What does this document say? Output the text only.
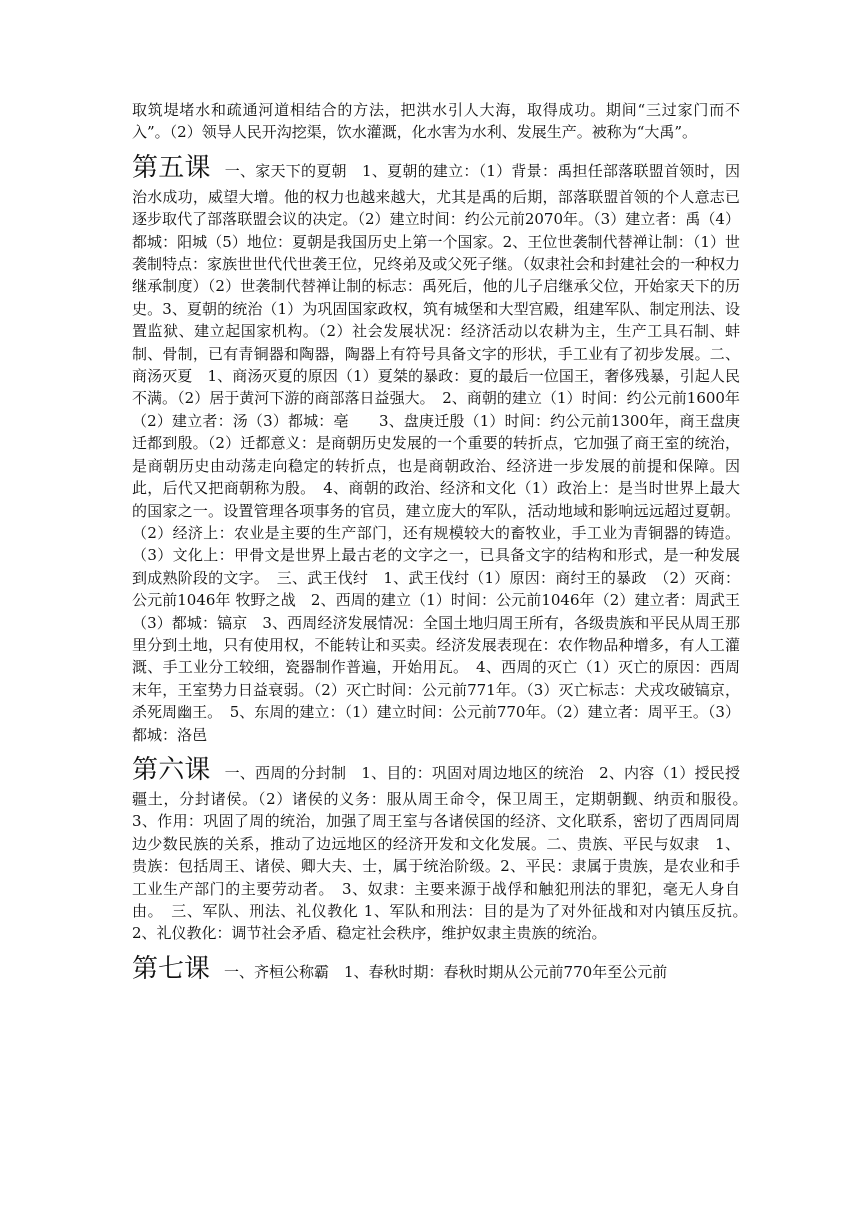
取筑堤堵水和疏通河道相结合的方法，把洪水引人大海，取得成功。期间“三过家门而不入”。（2）领导人民开沟挖渠，饮水灌溉，化水害为水利、发展生产。被称为“大禹”。

第五课 一、家天下的夏朝　1、夏朝的建立：（1）背景：禹担任部落联盟首领时，因治水成功，威望大增。他的权力也越来越大，尤其是禹的后期，部落联盟首领的个人意志已逐步取代了部落联盟会议的决定。（2）建立时间：约公元前2070年。（3）建立者：禹（4）都城：阳城（5）地位：夏朝是我国历史上第一个国家。2、王位世袭制代替禅让制：（1）世袭制特点：家族世世代代世袭王位，兄终弟及或父死子继。（奴隶社会和封建社会的一种权力继承制度）（2）世袭制代替禅让制的标志：禹死后，他的儿子启继承父位，开始家天下的历史。3、夏朝的统治（1）为巩固国家政权，筑有城堡和大型宫殿，组建军队、制定刑法、设置监狱、建立起国家机构。（2）社会发展状况：经济活动以农耕为主，生产工具石制、蚌制、骨制，已有青铜器和陶器，陶器上有符号具备文字的形状，手工业有了初步发展。二、商汤灭夏　1、商汤灭夏的原因（1）夏桀的暴政：夏的最后一位国王，奢侈残暴，引起人民不满。（2）居于黄河下游的商部落日益强大。　2、商朝的建立（1）时间：约公元前1600年（2）建立者：汤（3）都城：亳　　3、盘庚迁殷（1）时间：约公元前1300年，商王盘庚迁都到殷。（2）迁都意义：是商朝历史发展的一个重要的转折点，它加强了商王室的统治，是商朝历史由动荡走向稳定的转折点，也是商朝政治、经济进一步发展的前提和保障。因此，后代又把商朝称为殷。　4、商朝的政治、经济和文化（1）政治上：是当时世界上最大的国家之一。设置管理各项事务的官员，建立庞大的军队，活动地域和影响远远超过夏朝。（2）经济上：农业是主要的生产部门，还有规模较大的畜牧业，手工业为青铜器的铸造。（3）文化上：甲骨文是世界上最古老的文字之一，已具备文字的结构和形式，是一种发展到成熟阶段的文字。　三、武王伐纣　1、武王伐纣（1）原因：商纣王的暴政　（2）灭商：公元前1046年 牧野之战　2、西周的建立（1）时间：公元前1046年（2）建立者：周武王（3）都城：镐京　3、西周经济发展情况：全国土地归周王所有，各级贵族和平民从周王那里分到土地，只有使用权，不能转让和买卖。经济发展表现在：农作物品种增多，有人工灌溉、手工业分工较细，瓷器制作普遍，开始用瓦。　4、西周的灭亡（1）灭亡的原因：西周末年，王室势力日益衰弱。（2）灭亡时间：公元前771年。（3）灭亡标志：犬戎攻破镐京，杀死周幽王。　5、东周的建立：（1）建立时间：公元前770年。（2）建立者：周平王。（3）都城：洛邑

第六课 一、西周的分封制　1、目的：巩固对周边地区的统治　2、内容（1）授民授疆土，分封诸侯。（2）诸侯的义务：服从周王命令，保卫周王，定期朝觐、纳贡和服役。　3、作用：巩固了周的统治，加强了周王室与各诸侯国的经济、文化联系，密切了西周同周边少数民族的关系，推动了边远地区的经济开发和文化发展。二、贵族、平民与奴隶　1、贵族：包括周王、诸侯、卿大夫、士，属于统治阶级。2、平民：隶属于贵族，是农业和手工业生产部门的主要劳动者。　3、奴隶：主要来源于战俘和触犯刑法的罪犯，毫无人身自由。　三、军队、刑法、礼仪教化 1、军队和刑法：目的是为了对外征战和对内镇压反抗。　2、礼仪教化：调节社会矛盾、稳定社会秩序，维护奴隶主贵族的统治。

第七课 一、齐桓公称霸　1、春秋时期：春秋时期从公元前770年至公元前
